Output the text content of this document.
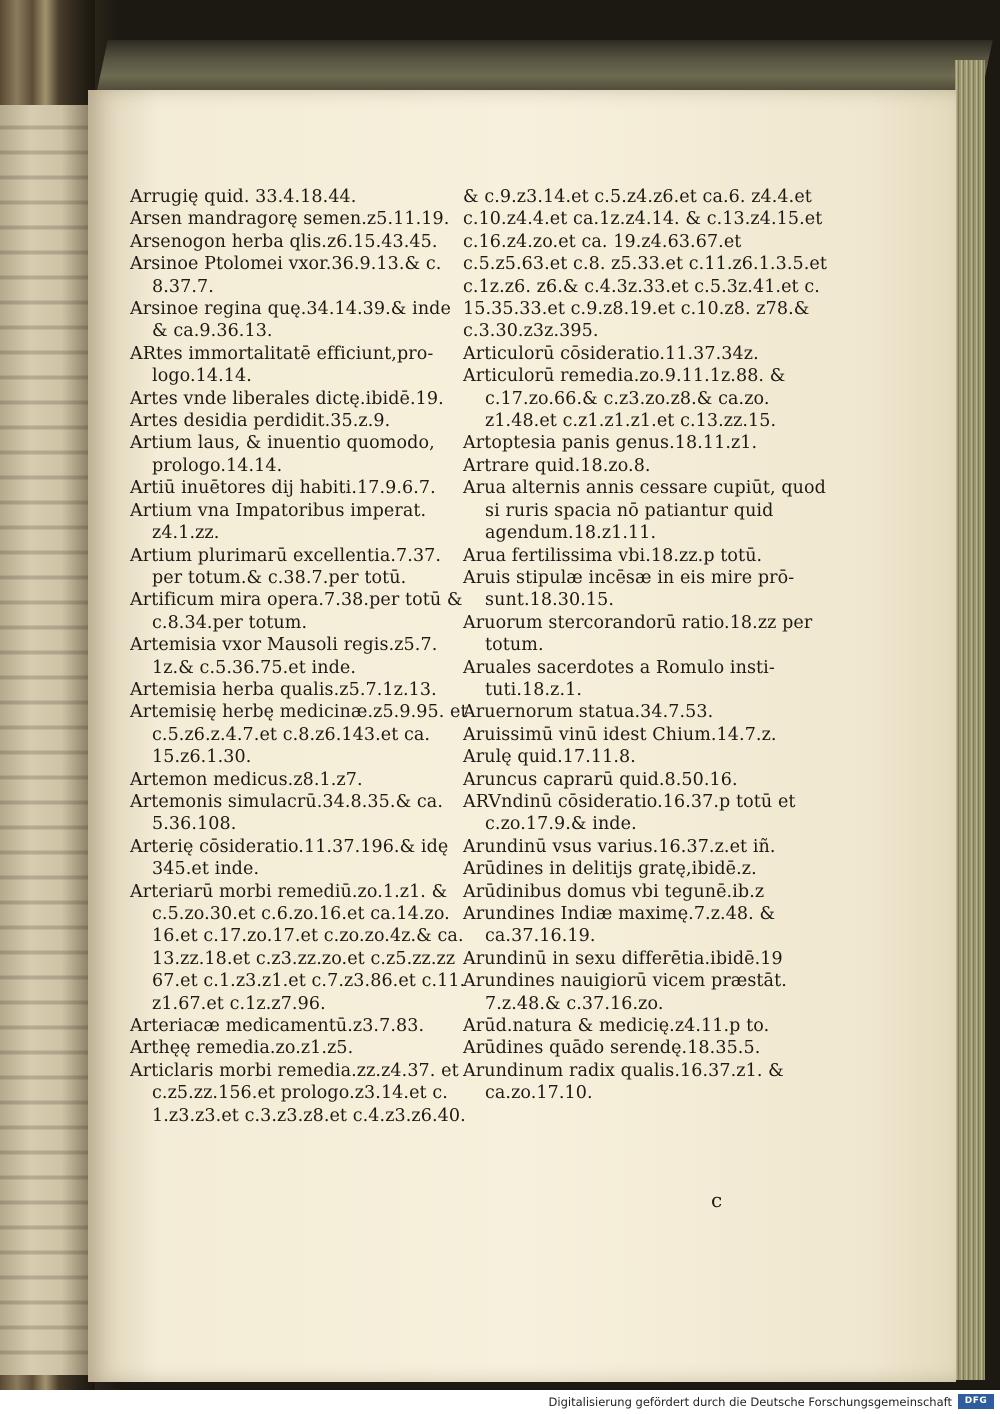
Arrugię quid. 33.4.18.44.

Arsen mandragorę semen.z5.11.19.

Arsenogon herba qlis.z6.15.43.45.

Arsinoe Ptolomei vxor.36.9.13.& c. 8.37.7.

Arsinoe regina quę.34.14.39.& inde & ca.9.36.13.

ARtes immortalitatē efficiunt,pro- logo.14.14.

Artes vnde liberales dictę.ibidē.19.

Artes desidia perdidit.35.z.9.

Artium laus, & inuentio quomodo, prologo.14.14.

Artiū inuētores dij habiti.17.9.6.7.

Artium vna Impatoribus imperat. z4.1.zz.

Artium plurimarū excellentia.7.37. per totum.& c.38.7.per totū.

Artificum mira opera.7.38.per totū & c.8.34.per totum.

Artemisia vxor Mausoli regis.z5.7. 1z.& c.5.36.75.et inde.

Artemisia herba qualis.z5.7.1z.13.

Artemisię herbę medicinæ.z5.9.95. et c.5.z6.z.4.7.et c.8.z6.143.et ca. 15.z6.1.30.

Artemon medicus.z8.1.z7.

Artemonis simulacrū.34.8.35.& ca. 5.36.108.

Arterię cōsideratio.11.37.196.& idę 345.et inde.

Arteriarū morbi remediū.zo.1.z1. & c.5.zo.30.et c.6.zo.16.et ca.14.zo. 16.et c.17.zo.17.et c.zo.zo.4z.& ca. 13.zz.18.et c.z3.zz.zo.et c.z5.zz.zz 67.et c.1.z3.z1.et c.7.z3.86.et c.11. z1.67.et c.1z.z7.96.

Arteriacæ medicamentū.z3.7.83.

Arthęę remedia.zo.z1.z5.

Articlaris morbi remedia.zz.z4.37. et c.z5.zz.156.et prologo.z3.14.et c. 1.z3.z3.et c.3.z3.z8.et c.4.z3.z6.40.

& c.9.z3.14.et c.5.z4.z6.et ca.6. z4.4.et c.10.z4.4.et ca.1z.z4.14. & c.13.z4.15.et c.16.z4.zo.et ca. 19.z4.63.67.et c.5.z5.63.et c.8. z5.33.et c.11.z6.1.3.5.et c.1z.z6. z6.& c.4.3z.33.et c.5.3z.41.et c. 15.35.33.et c.9.z8.19.et c.10.z8. z78.& c.3.30.z3z.395.

Articulorū cōsideratio.11.37.34z.

Articulorū remedia.zo.9.11.1z.88. & c.17.zo.66.& c.z3.zo.z8.& ca.zo. z1.48.et c.z1.z1.z1.et c.13.zz.15.

Artoptesia panis genus.18.11.z1.

Artrare quid.18.zo.8.

Arua alternis annis cessare cupiūt, quod si ruris spacia nō patiantur quid agendum.18.z1.11.

Arua fertilissima vbi.18.zz.p totū.

Aruis stipulæ incēsæ in eis mire prō- sunt.18.30.15.

Aruorum stercorandorū ratio.18.zz per totum.

Aruales sacerdotes a Romulo insti- tuti.18.z.1.

Aruernorum statua.34.7.53.

Aruissimū vinū idest Chium.14.7.z.

Arulę quid.17.11.8.

Aruncus caprarū quid.8.50.16.

ARVndinū cōsideratio.16.37.p totū et c.zo.17.9.& inde.

Arundinū vsus varius.16.37.z.et iñ.

Arūdines in delitijs gratę,ibidē.z.

Arūdinibus domus vbi tegunē.ib.z

Arundines Indiæ maximę.7.z.48. & ca.37.16.19.

Arundinū in sexu differētia.ibidē.19

Arundines nauigiorū vicem præstāt. 7.z.48.& c.37.16.zo.

Arūd.natura & medicię.z4.11.p to.

Arūdines quādo serendę.18.35.5.

Arundinum radix qualis.16.37.z1. & ca.zo.17.10.

c
Digitalisierung gefördert durch die Deutsche Forschungsgemeinschaft	DFG
